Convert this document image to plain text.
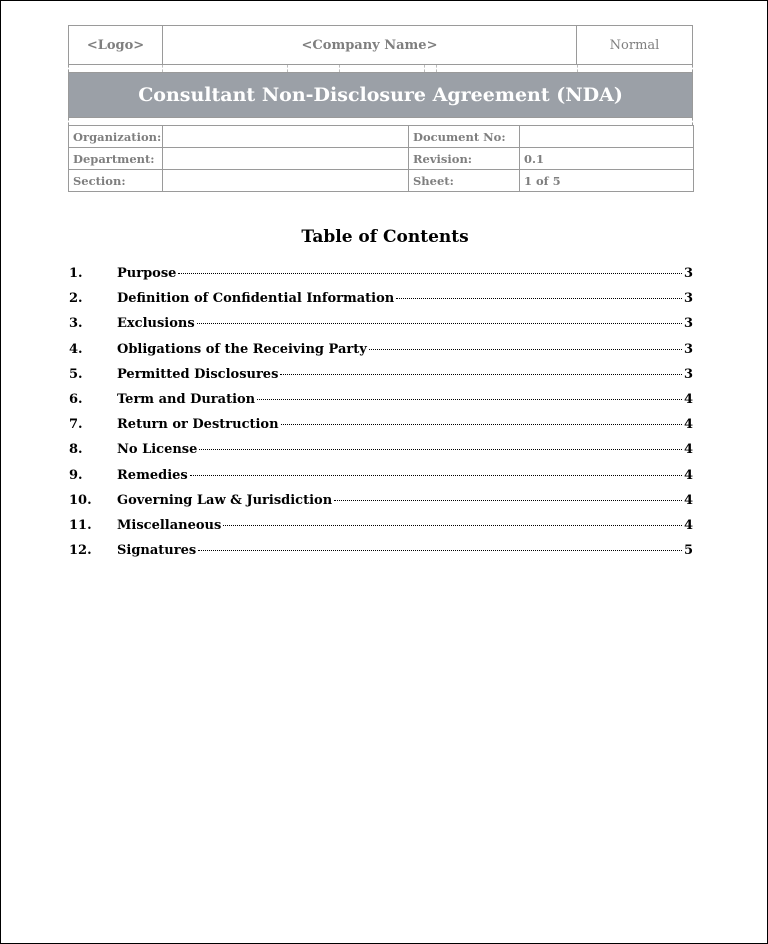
<Logo>	<Company Name>	Normal
Consultant Non-Disclosure Agreement (NDA)
Organization:		Document No:	
Department:		Revision:	0.1
Section:		Sheet:	1 of 5
Table of Contents
1.	Purpose	3
2.	Definition of Confidential Information	3
3.	Exclusions	3
4.	Obligations of the Receiving Party	3
5.	Permitted Disclosures	3
6.	Term and Duration	4
7.	Return or Destruction	4
8.	No License	4
9.	Remedies	4
10.	Governing Law & Jurisdiction	4
11.	Miscellaneous	4
12.	Signatures	5
